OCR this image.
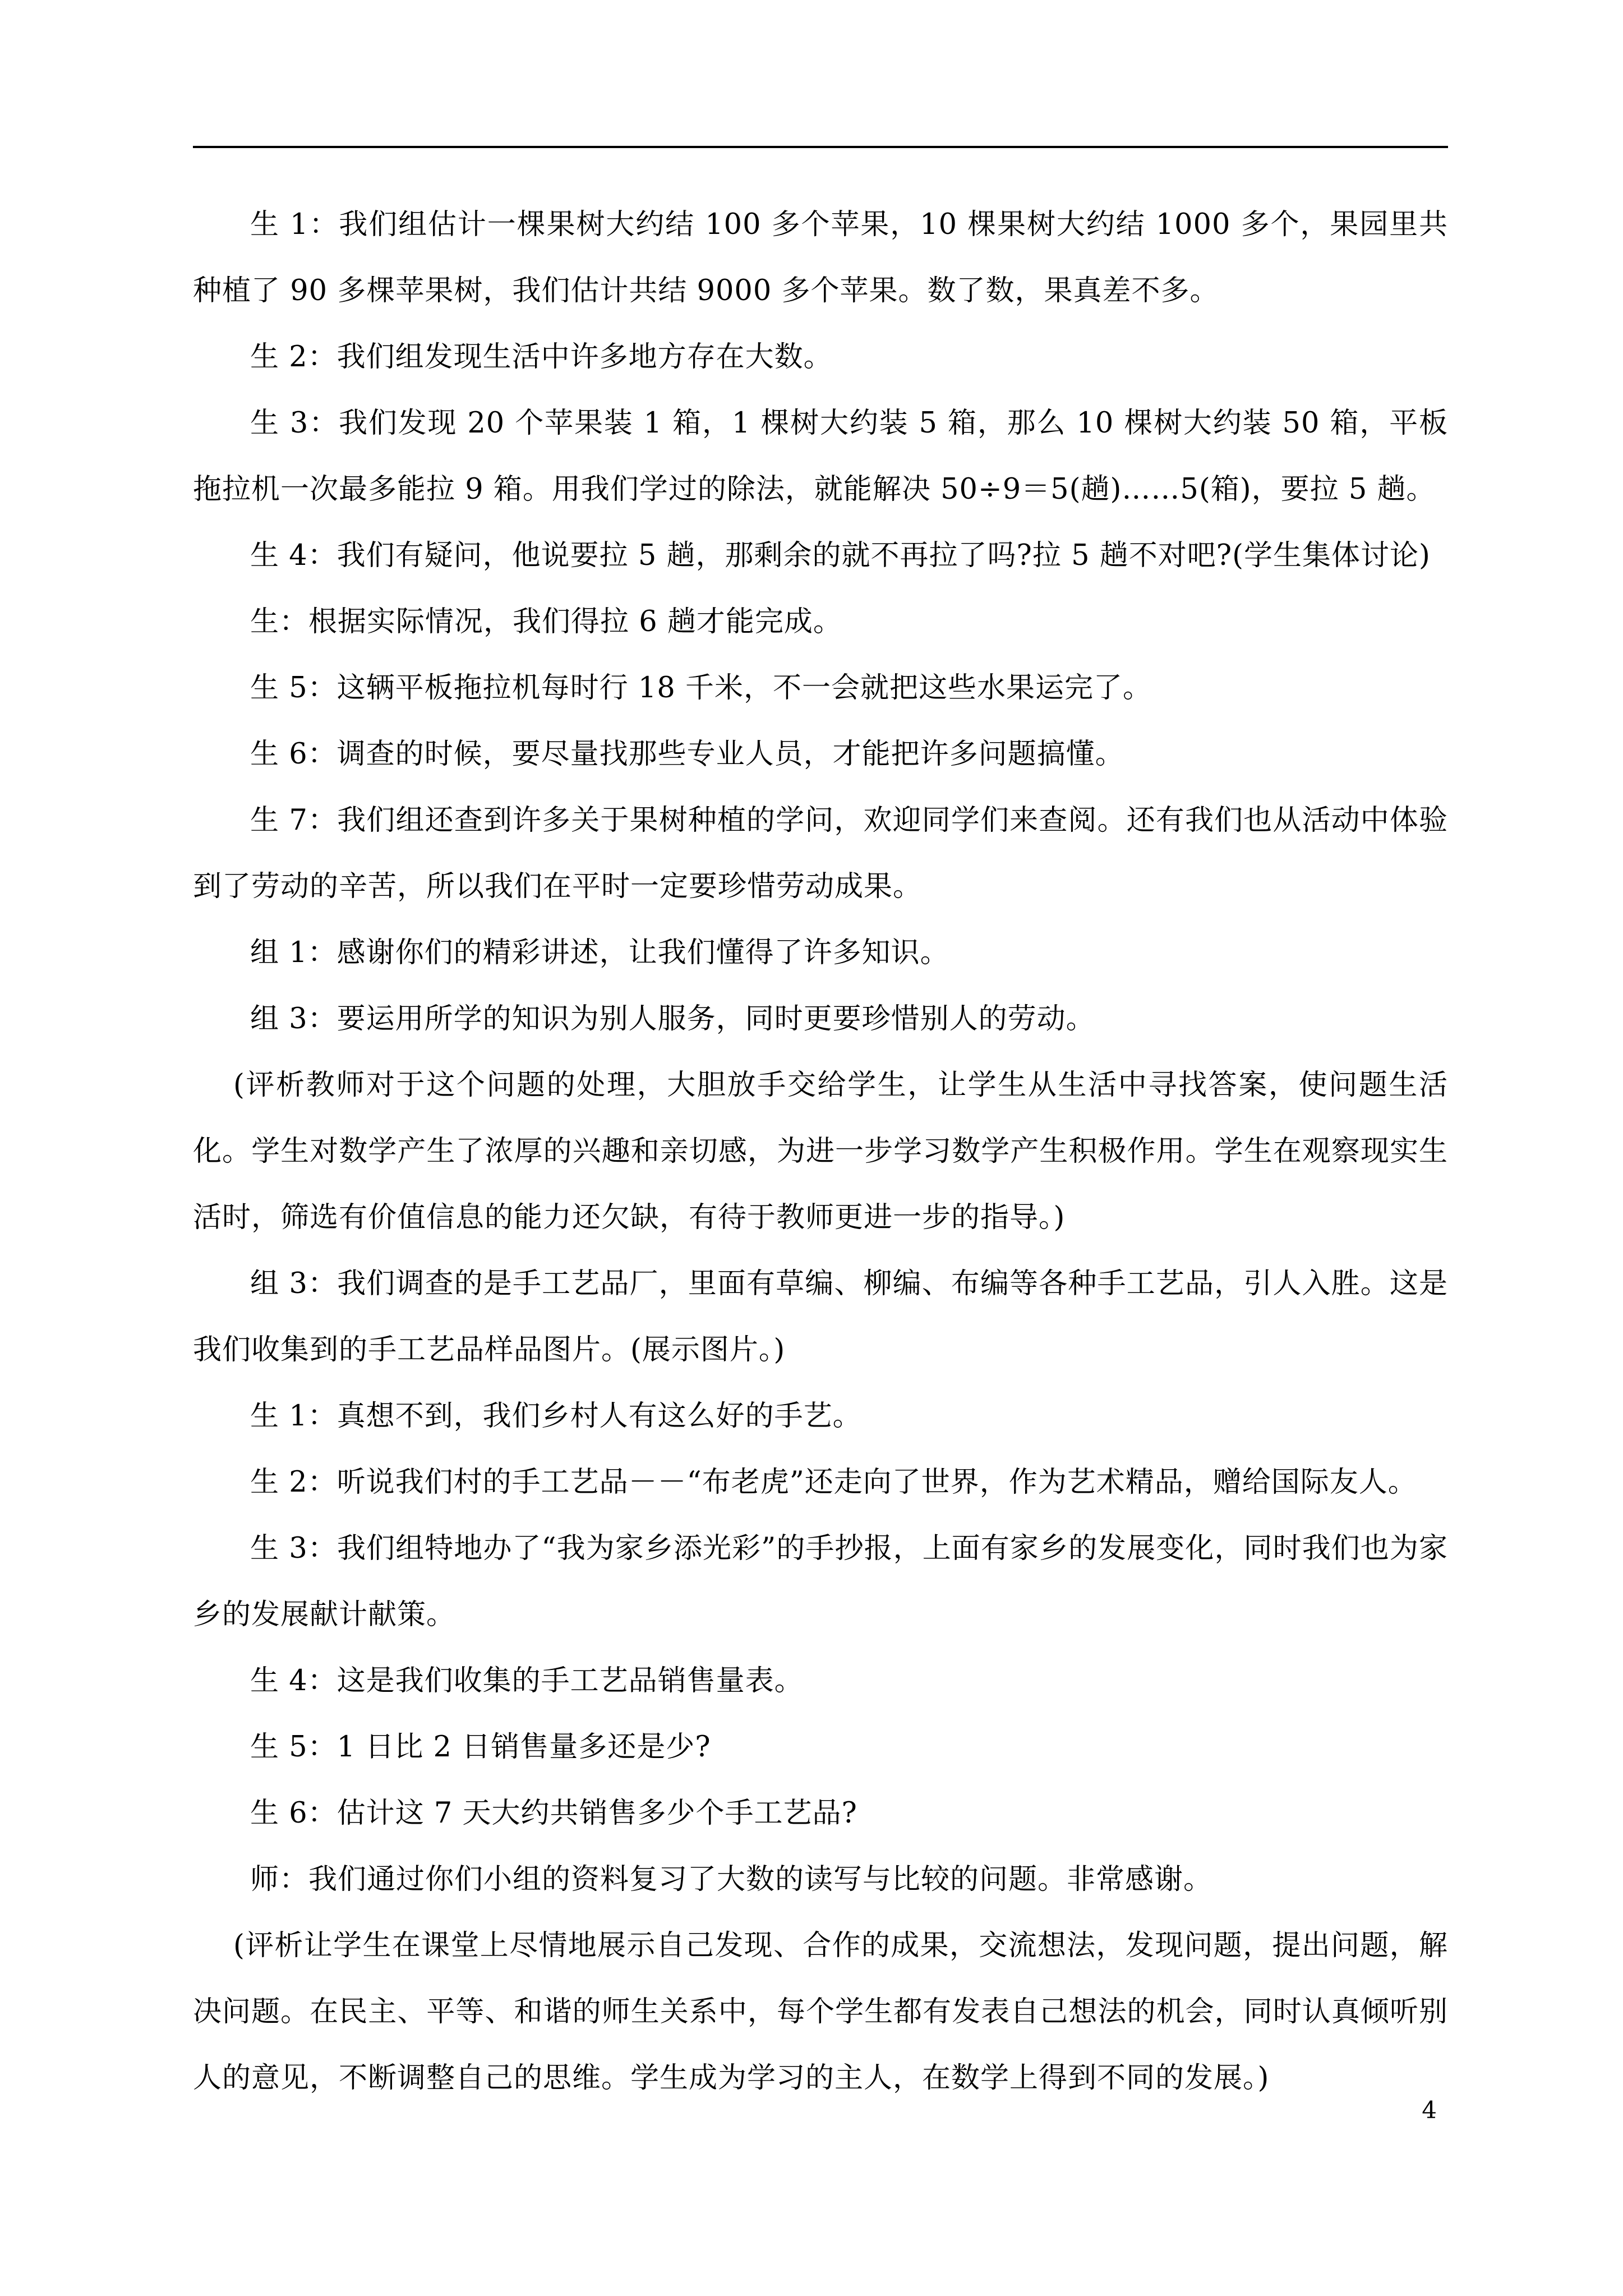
生 1：我们组估计一棵果树大约结 100 多个苹果，10 棵果树大约结 1000 多个，果园里共种植了 90 多棵苹果树，我们估计共结 9000 多个苹果。数了数，果真差不多。

生 2：我们组发现生活中许多地方存在大数。

生 3：我们发现 20 个苹果装 1 箱，1 棵树大约装 5 箱，那么 10 棵树大约装 50 箱，平板拖拉机一次最多能拉 9 箱。用我们学过的除法，就能解决 50÷9＝5(趟)……5(箱)，要拉 5 趟。

生 4：我们有疑问，他说要拉 5 趟，那剩余的就不再拉了吗?拉 5 趟不对吧?(学生集体讨论)

生：根据实际情况，我们得拉 6 趟才能完成。

生 5：这辆平板拖拉机每时行 18 千米，不一会就把这些水果运完了。

生 6：调查的时候，要尽量找那些专业人员，才能把许多问题搞懂。

生 7：我们组还查到许多关于果树种植的学问，欢迎同学们来查阅。还有我们也从活动中体验到了劳动的辛苦，所以我们在平时一定要珍惜劳动成果。

组 1：感谢你们的精彩讲述，让我们懂得了许多知识。

组 3：要运用所学的知识为别人服务，同时更要珍惜别人的劳动。

(评析教师对于这个问题的处理，大胆放手交给学生，让学生从生活中寻找答案，使问题生活化。学生对数学产生了浓厚的兴趣和亲切感，为进一步学习数学产生积极作用。学生在观察现实生活时，筛选有价值信息的能力还欠缺，有待于教师更进一步的指导。)

组 3：我们调查的是手工艺品厂，里面有草编、柳编、布编等各种手工艺品，引人入胜。这是我们收集到的手工艺品样品图片。(展示图片。)

生 1：真想不到，我们乡村人有这么好的手艺。

生 2：听说我们村的手工艺品－－“布老虎”还走向了世界，作为艺术精品，赠给国际友人。

生 3：我们组特地办了“我为家乡添光彩”的手抄报，上面有家乡的发展变化，同时我们也为家乡的发展献计献策。

生 4：这是我们收集的手工艺品销售量表。

生 5：1 日比 2 日销售量多还是少?

生 6：估计这 7 天大约共销售多少个手工艺品?

师：我们通过你们小组的资料复习了大数的读写与比较的问题。非常感谢。

(评析让学生在课堂上尽情地展示自己发现、合作的成果，交流想法，发现问题，提出问题，解决问题。在民主、平等、和谐的师生关系中，每个学生都有发表自己想法的机会，同时认真倾听别人的意见，不断调整自己的思维。学生成为学习的主人，在数学上得到不同的发展。)

4
